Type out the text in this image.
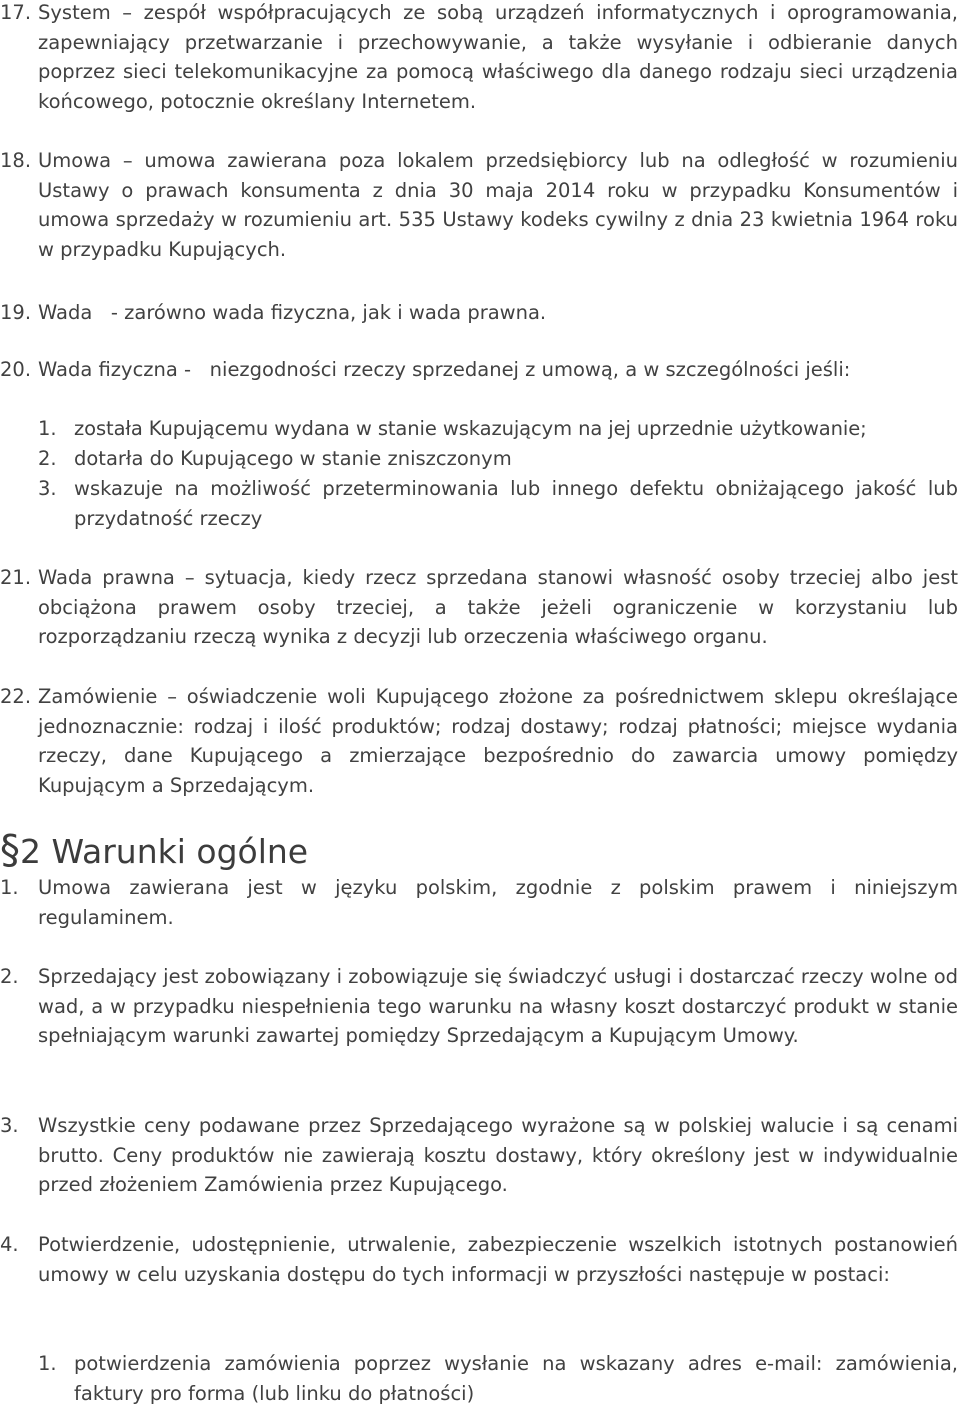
17. System – zespół współpracujących ze sobą urządzeń informatycznych i oprogramowania, zapewniający przetwarzanie i przechowywanie, a także wysyłanie i odbieranie danych poprzez sieci telekomunikacyjne za pomocą właściwego dla danego rodzaju sieci urządzenia końcowego, potocznie określany Internetem.
18. Umowa – umowa zawierana poza lokalem przedsiębiorcy lub na odległość w rozumieniu Ustawy o prawach konsumenta z dnia 30 maja 2014 roku w przypadku Konsumentów i umowa sprzedaży w rozumieniu art. 535 Ustawy kodeks cywilny z dnia 23 kwietnia 1964 roku w przypadku Kupujących.
19. Wada   - zarówno wada fizyczna, jak i wada prawna.
20. Wada fizyczna -   niezgodności rzeczy sprzedanej z umową, a w szczególności jeśli:
1. została Kupującemu wydana w stanie wskazującym na jej uprzednie użytkowanie;
2. dotarła do Kupującego w stanie zniszczonym
3. wskazuje na możliwość przeterminowania lub innego defektu obniżającego jakość lub przydatność rzeczy
21. Wada prawna – sytuacja, kiedy rzecz sprzedana stanowi własność osoby trzeciej albo jest obciążona prawem osoby trzeciej, a także jeżeli ograniczenie w korzystaniu lub rozporządzaniu rzeczą wynika z decyzji lub orzeczenia właściwego organu.
22. Zamówienie – oświadczenie woli Kupującego złożone za pośrednictwem sklepu określające jednoznacznie: rodzaj i ilość produktów; rodzaj dostawy; rodzaj płatności; miejsce wydania rzeczy, dane Kupującego a zmierzające bezpośrednio do zawarcia umowy pomiędzy Kupującym a Sprzedającym.
§2 Warunki ogólne
1. Umowa zawierana jest w języku polskim, zgodnie z polskim prawem i niniejszym regulaminem.
2. Sprzedający jest zobowiązany i zobowiązuje się świadczyć usługi i dostarczać rzeczy wolne od wad, a w przypadku niespełnienia tego warunku na własny koszt dostarczyć produkt w stanie spełniającym warunki zawartej pomiędzy Sprzedającym a Kupującym Umowy.
3. Wszystkie ceny podawane przez Sprzedającego wyrażone są w polskiej walucie i są cenami brutto. Ceny produktów nie zawierają kosztu dostawy, który określony jest w indywidualnie przed złożeniem Zamówienia przez Kupującego.
4. Potwierdzenie, udostępnienie, utrwalenie, zabezpieczenie wszelkich istotnych postanowień umowy w celu uzyskania dostępu do tych informacji w przyszłości następuje w postaci:
1. potwierdzenia zamówienia poprzez wysłanie na wskazany adres e-mail: zamówienia, faktury pro forma (lub linku do płatności)
